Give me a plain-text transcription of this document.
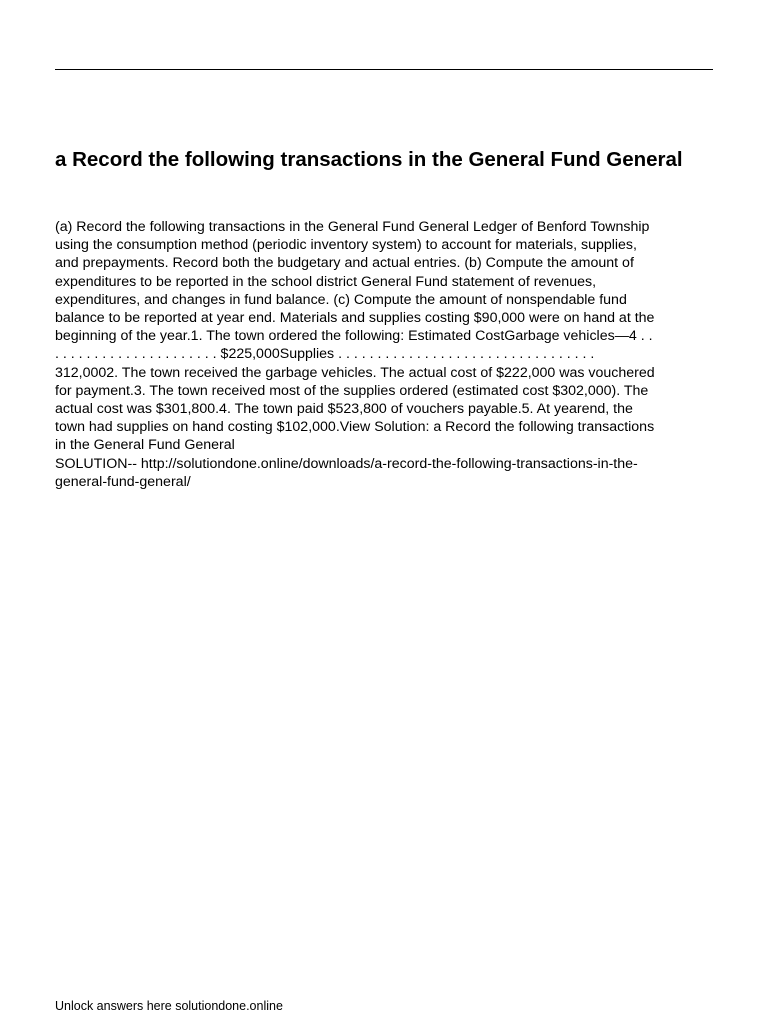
a Record the following transactions in the General Fund General
(a) Record the following transactions in the General Fund General Ledger of Benford Township
using the consumption method (periodic inventory system) to account for materials, supplies,
and prepayments. Record both the budgetary and actual entries. (b) Compute the amount of
expenditures to be reported in the school district General Fund statement of revenues,
expenditures, and changes in fund balance. (c) Compute the amount of nonspendable fund
balance to be reported at year end. Materials and supplies costing $90,000 were on hand at the
beginning of the year.1. The town ordered the following: Estimated CostGarbage vehicles—4 . .
. . . . . . . . . . . . . . . . . . . . . $225,000Supplies . . . . . . . . . . . . . . . . . . . . . . . . . . . . . . . . .
312,0002. The town received the garbage vehicles. The actual cost of $222,000 was vouchered
for payment.3. The town received most of the supplies ordered (estimated cost $302,000). The
actual cost was $301,800.4. The town paid $523,800 of vouchers payable.5. At yearend, the
town had supplies on hand costing $102,000.View Solution: a Record the following transactions
in the General Fund General
SOLUTION-- http://solutiondone.online/downloads/a-record-the-following-transactions-in-the-
general-fund-general/

Unlock answers here solutiondone.online
